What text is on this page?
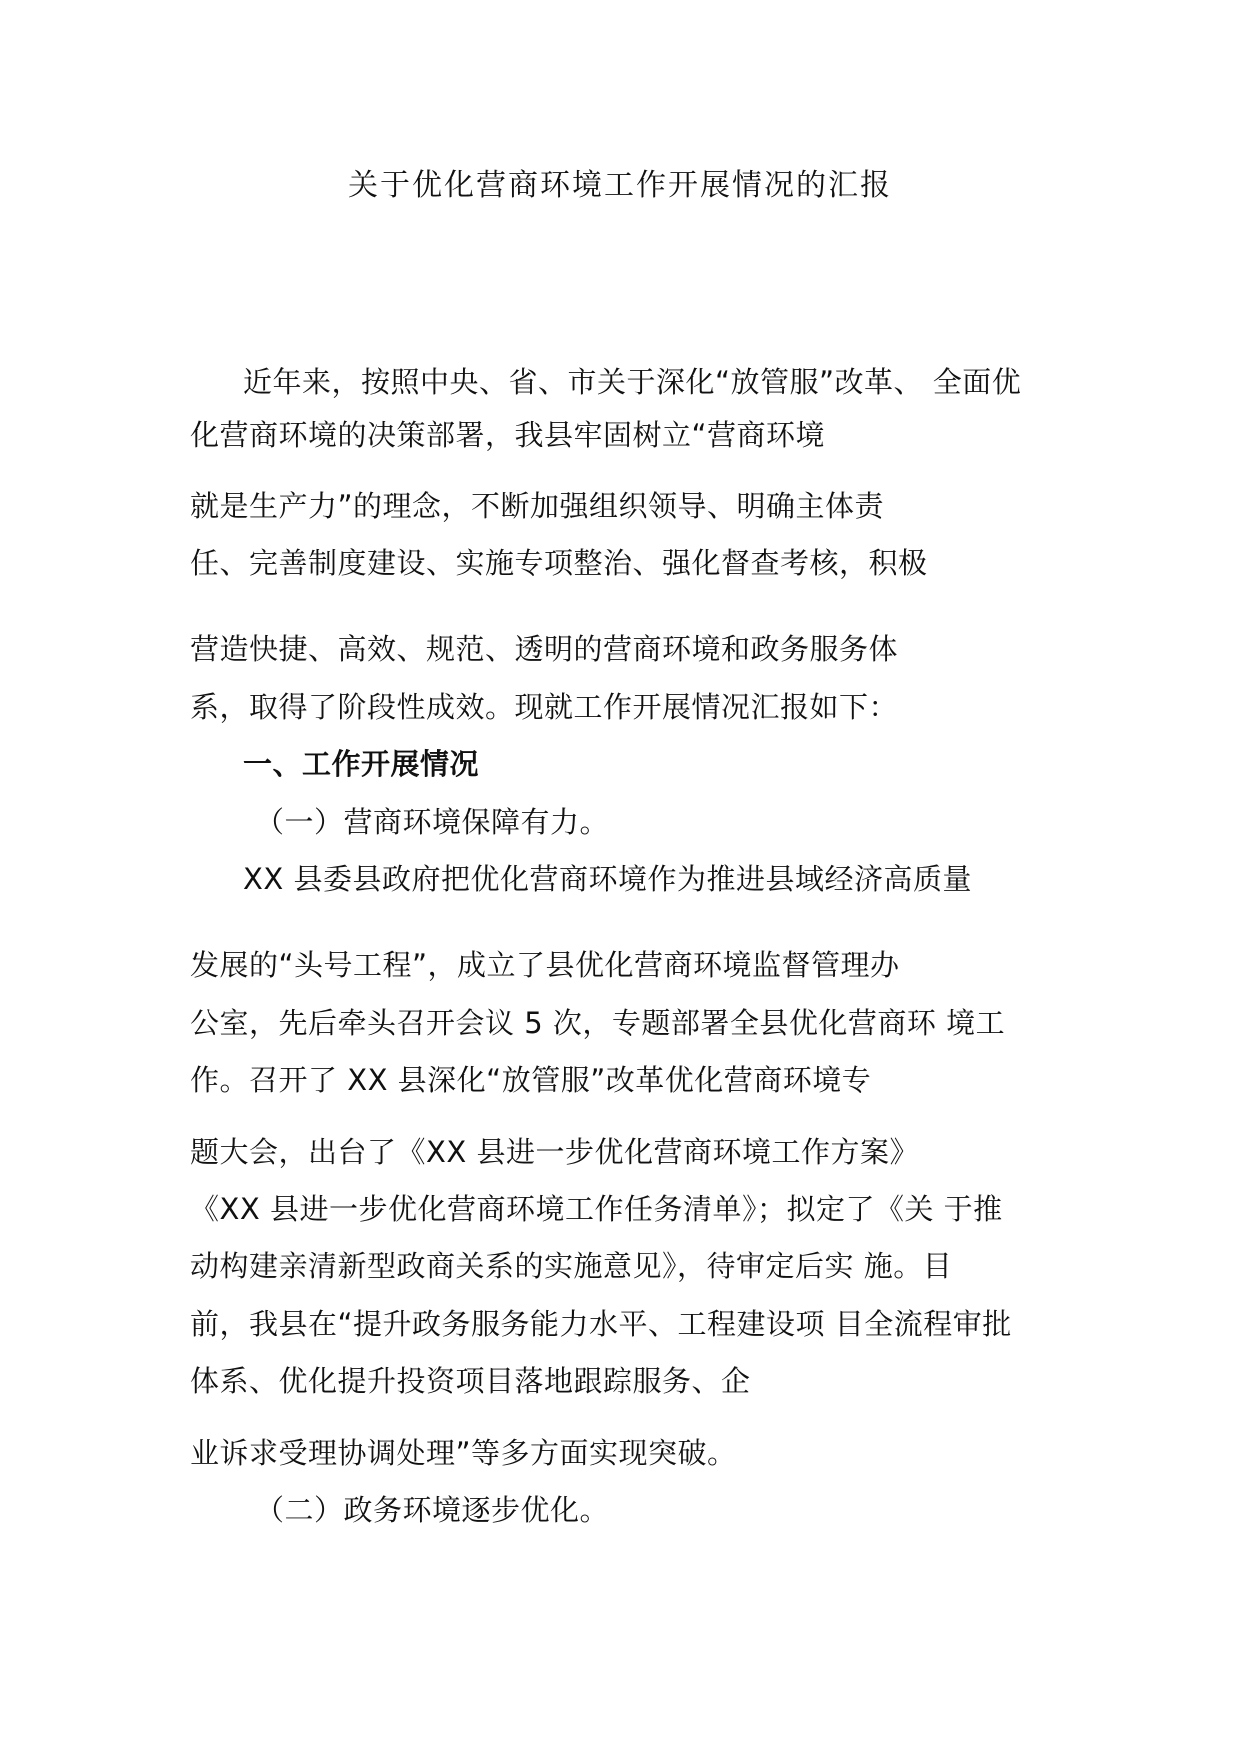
关于优化营商环境工作开展情况的汇报
近年来，按照中央、省、市关于深化“放管服”改革、 全面优
化营商环境的决策部署，我县牢固树立“营商环境
就是生产力”的理念，不断加强组织领导、明确主体责
任、完善制度建设、实施专项整治、强化督查考核，积极
营造快捷、高效、规范、透明的营商环境和政务服务体
系，取得了阶段性成效。现就工作开展情况汇报如下：
一、工作开展情况
（一）营商环境保障有力。
XX 县委县政府把优化营商环境作为推进县域经济高质量
发展的“头号工程”，成立了县优化营商环境监督管理办
公室，先后牵头召开会议 5 次，专题部署全县优化营商环 境工
作。召开了 XX 县深化“放管服”改革优化营商环境专
题大会，出台了《XX 县进一步优化营商环境工作方案》
《XX 县进一步优化营商环境工作任务清单》；拟定了《关 于推
动构建亲清新型政商关系的实施意见》，待审定后实 施。目
前，我县在“提升政务服务能力水平、工程建设项 目全流程审批
体系、优化提升投资项目落地跟踪服务、企
业诉求受理协调处理”等多方面实现突破。
（二）政务环境逐步优化。
